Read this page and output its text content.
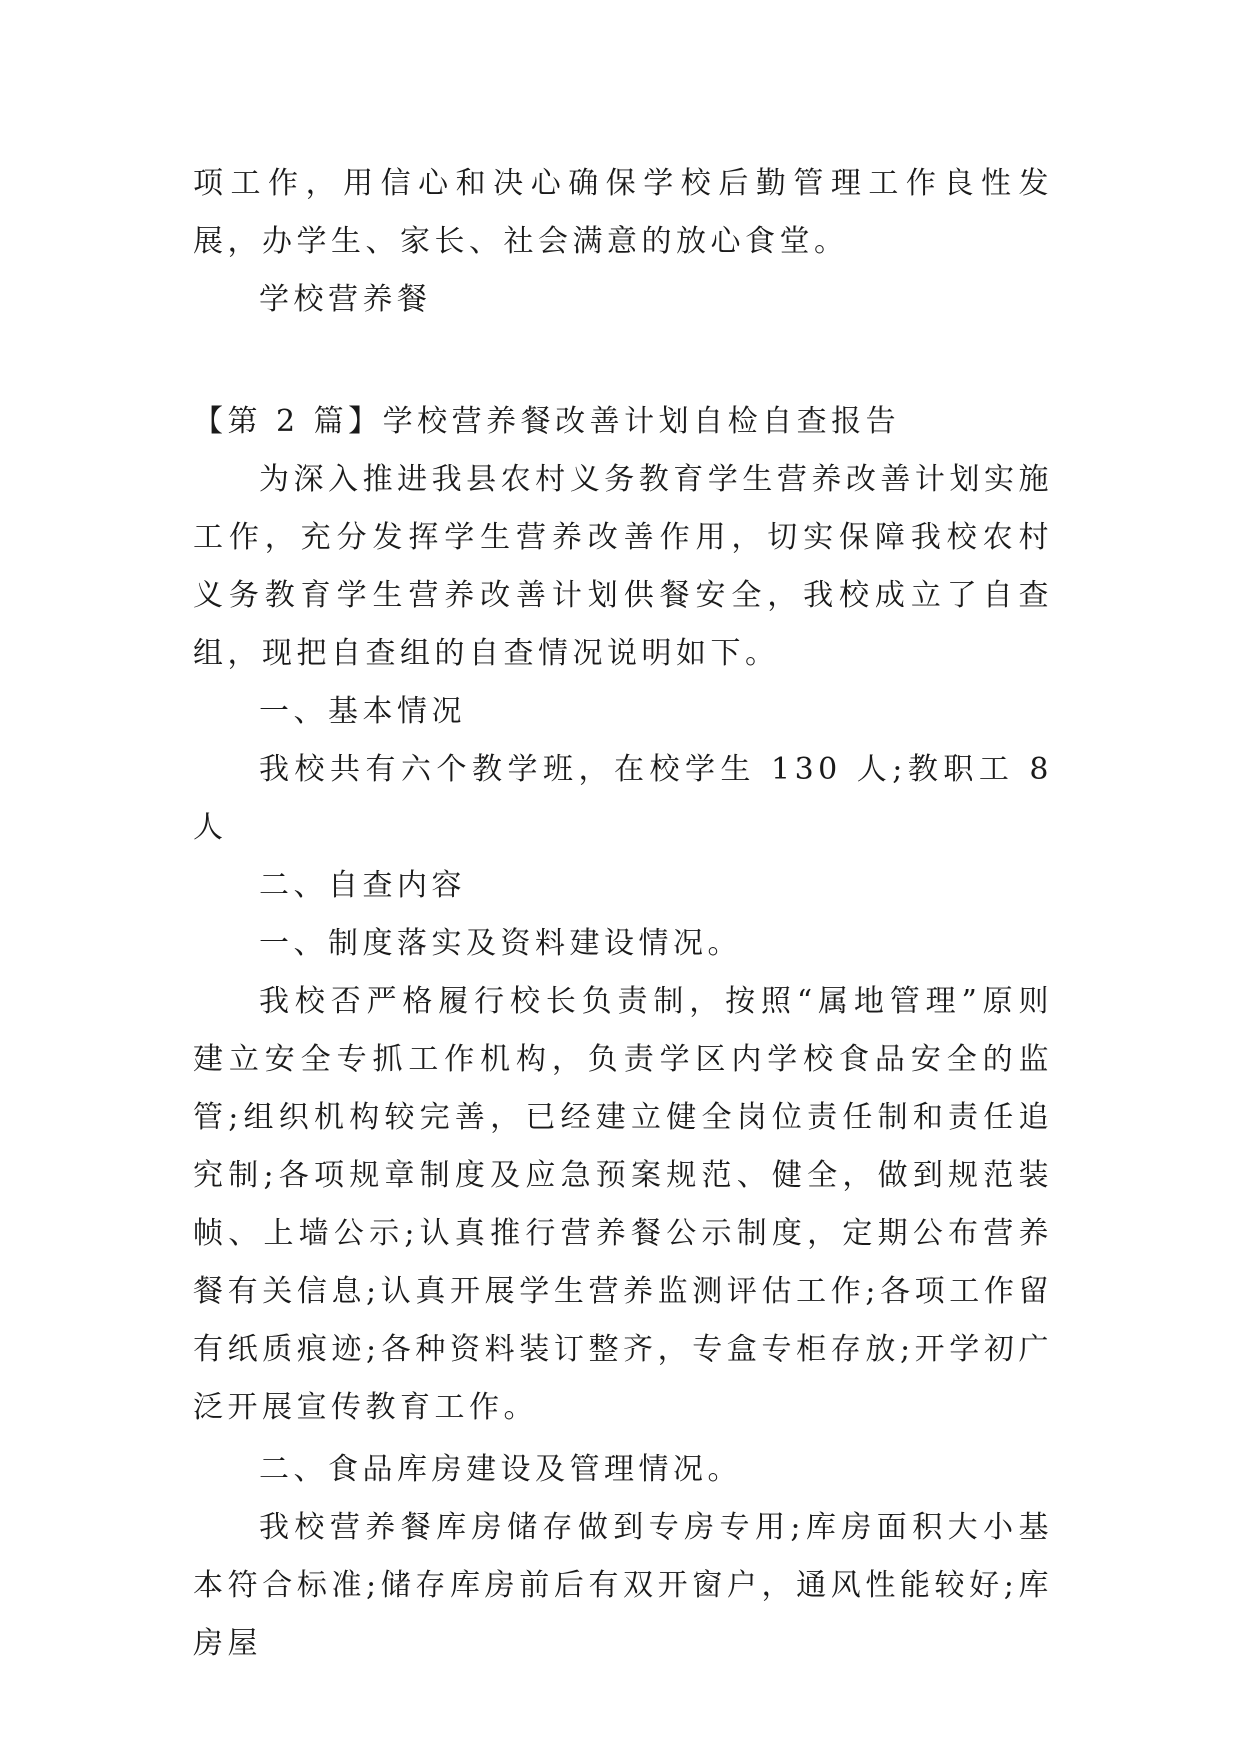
项工作，用信心和决心确保学校后勤管理工作良性发展，办学生、家长、社会满意的放心食堂。

学校营养餐

【第 2 篇】学校营养餐改善计划自检自查报告

为深入推进我县农村义务教育学生营养改善计划实施工作，充分发挥学生营养改善作用，切实保障我校农村义务教育学生营养改善计划供餐安全，我校成立了自查组，现把自查组的自查情况说明如下。

一、基本情况

我校共有六个教学班，在校学生 130 人;教职工 8 人

二、自查内容

一、制度落实及资料建设情况。

我校否严格履行校长负责制，按照“属地管理”原则建立安全专抓工作机构，负责学区内学校食品安全的监管;组织机构较完善，已经建立健全岗位责任制和责任追究制;各项规章制度及应急预案规范、健全，做到规范装帧、上墙公示;认真推行营养餐公示制度，定期公布营养餐有关信息;认真开展学生营养监测评估工作;各项工作留有纸质痕迹;各种资料装订整齐，专盒专柜存放;开学初广泛开展宣传教育工作。

二、食品库房建设及管理情况。

我校营养餐库房储存做到专房专用;库房面积大小基本符合标准;储存库房前后有双开窗户，通风性能较好;库房屋
